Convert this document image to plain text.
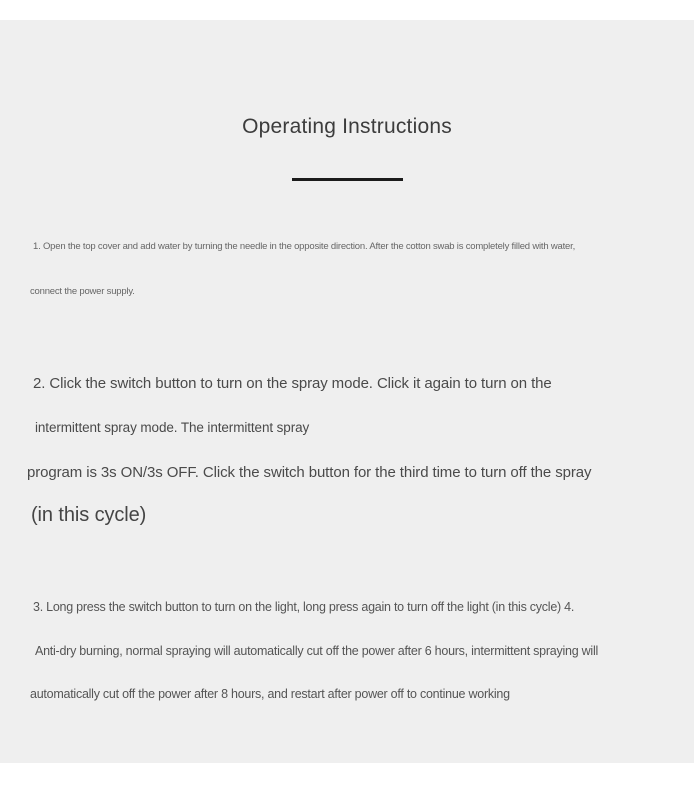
Operating Instructions
1. Open the top cover and add water by turning the needle in the opposite direction. After the cotton swab is completely filled with water,
connect the power supply.
2. Click the switch button to turn on the spray mode. Click it again to turn on the
intermittent spray mode. The intermittent spray
program is 3s ON/3s OFF. Click the switch button for the third time to turn off the spray
(in this cycle)
3. Long press the switch button to turn on the light, long press again to turn off the light (in this cycle) 4.
Anti-dry burning, normal spraying will automatically cut off the power after 6 hours, intermittent spraying will
automatically cut off the power after 8 hours, and restart after power off to continue working
